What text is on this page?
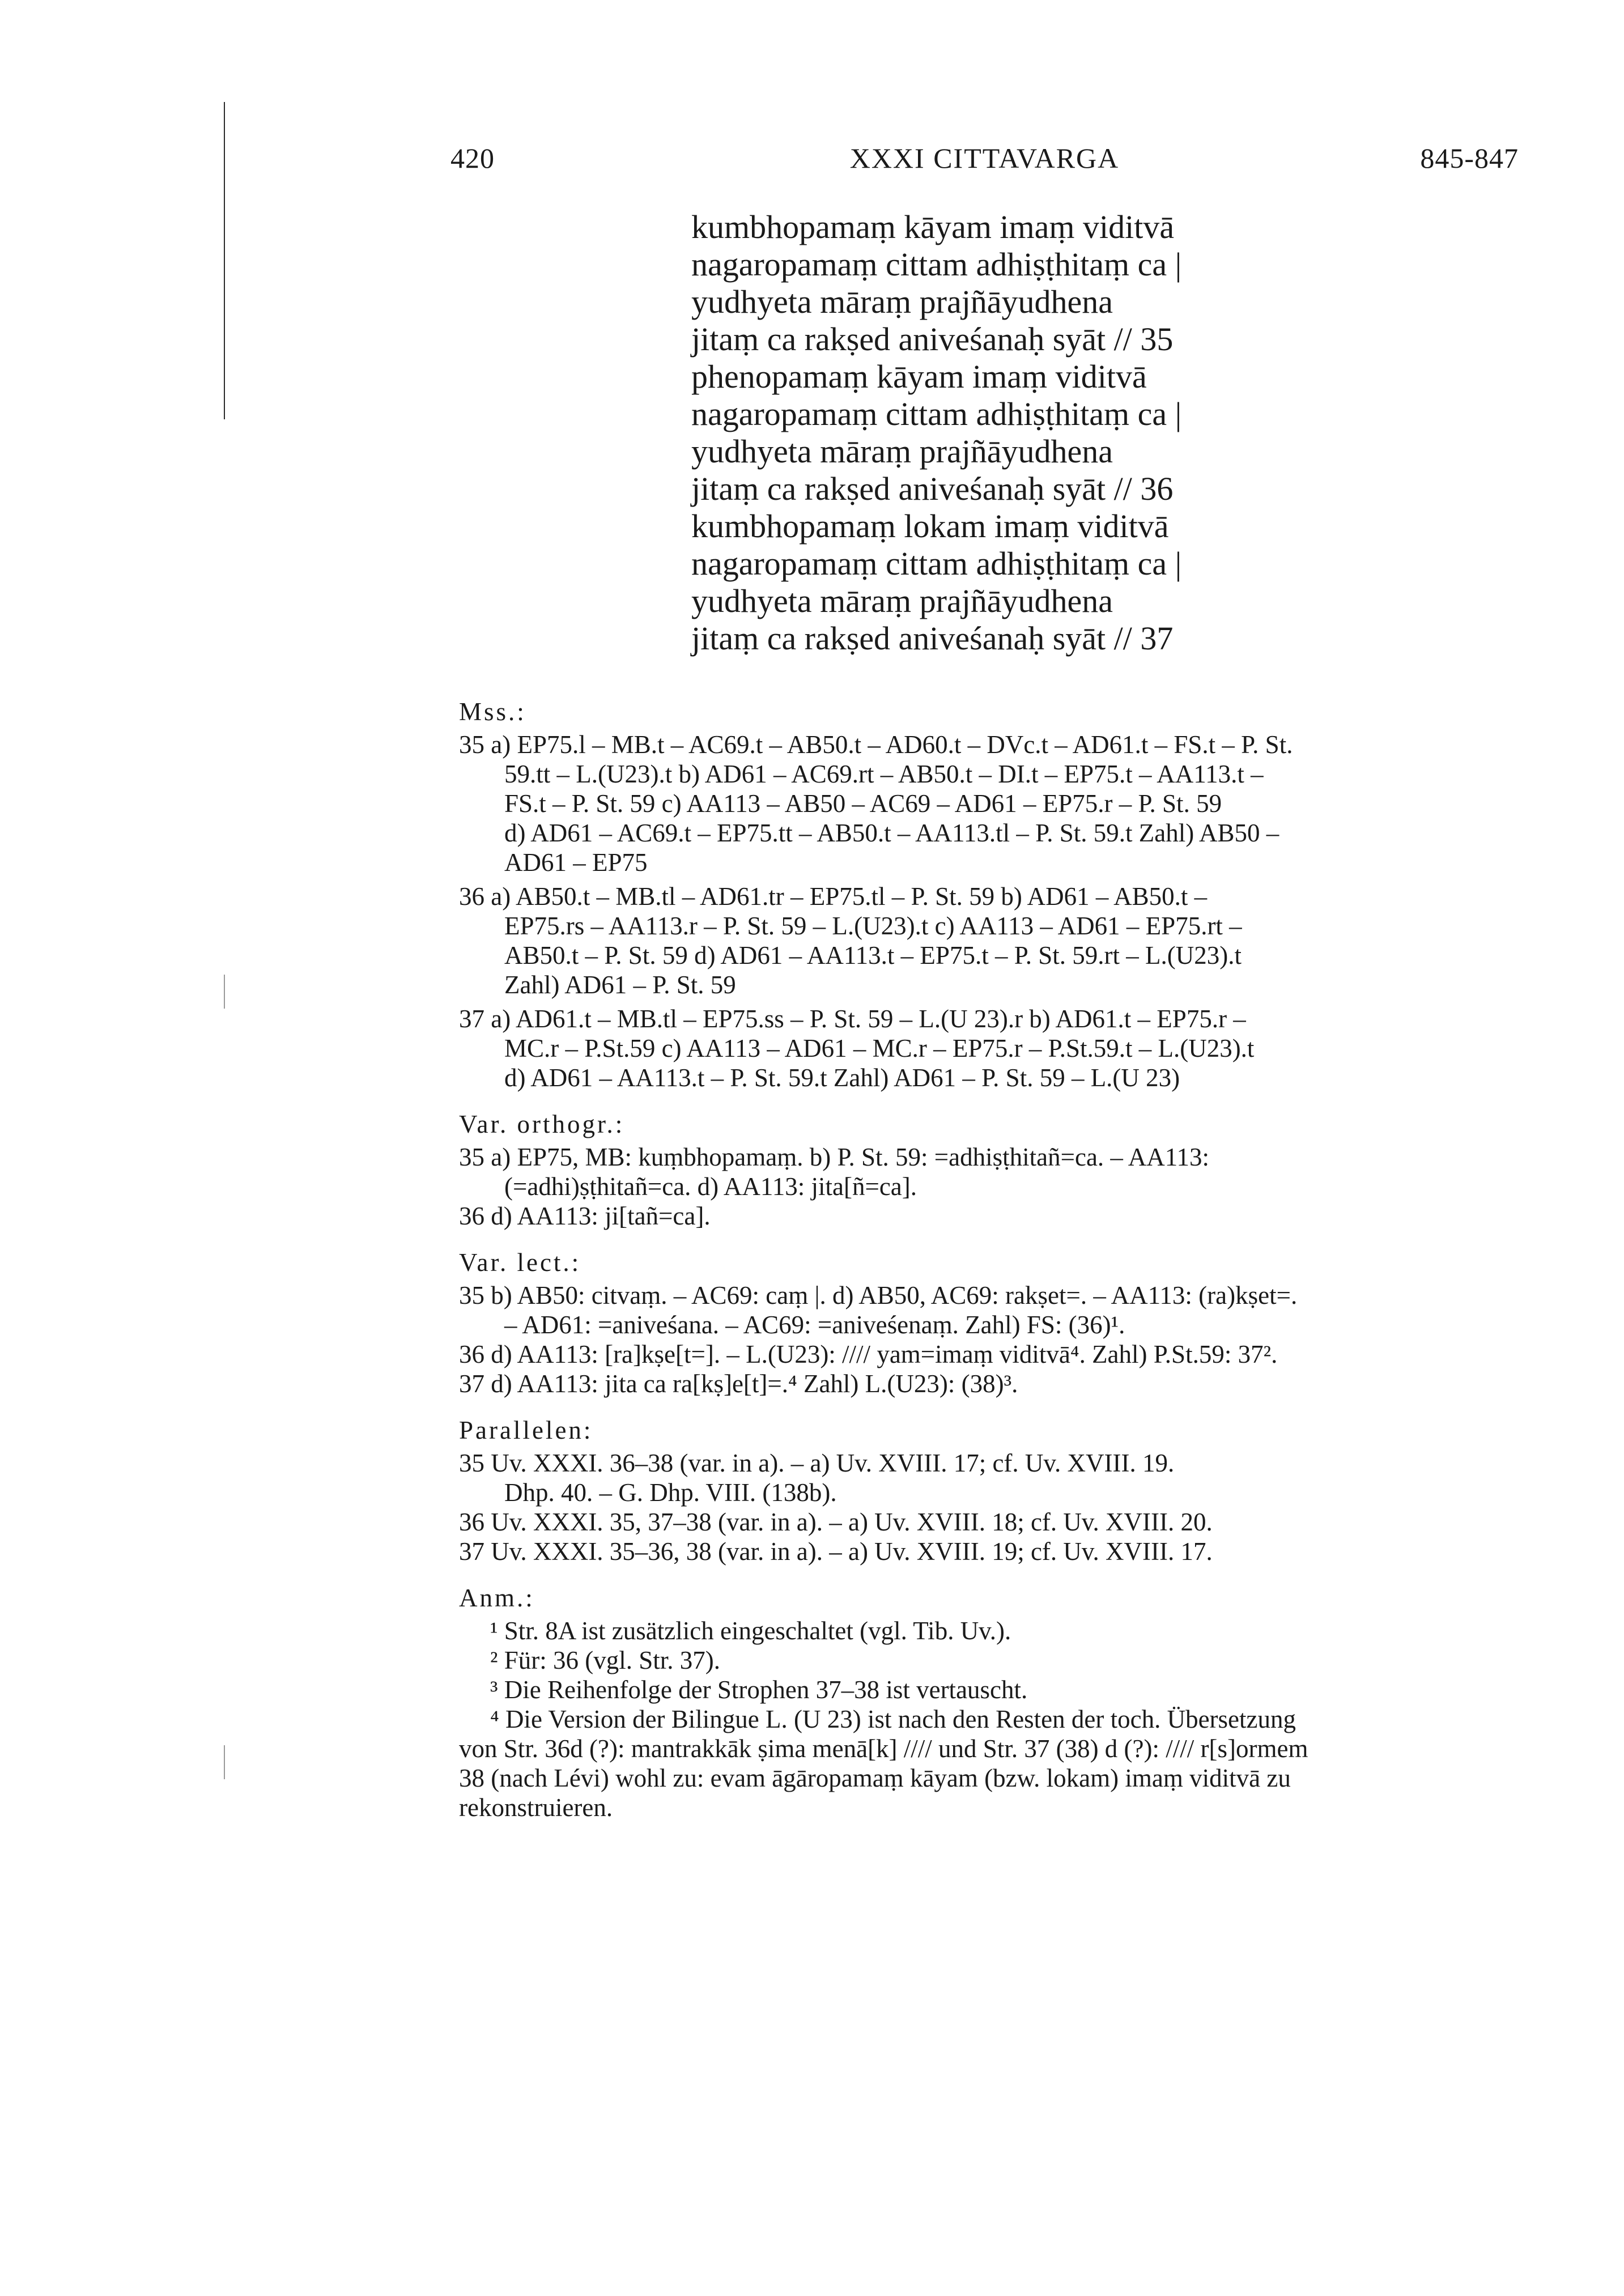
420	XXXI CITTAVARGA	845-847
kumbhopamaṃ kāyam imaṃ viditvā
nagaropamaṃ cittam adhiṣṭhitaṃ ca |
yudhyeta māraṃ prajñāyudhena
jitaṃ ca rakṣed aniveśanaḥ syāt // 35
phenopamaṃ kāyam imaṃ viditvā
nagaropamaṃ cittam adhiṣṭhitaṃ ca |
yudhyeta māraṃ prajñāyudhena
jitaṃ ca rakṣed aniveśanaḥ syāt // 36
kumbhopamaṃ lokam imaṃ viditvā
nagaropamaṃ cittam adhiṣṭhitaṃ ca |
yudhyeta māraṃ prajñāyudhena
jitaṃ ca rakṣed aniveśanaḥ syāt // 37
Mss.:
35 a) EP75.l – MB.t – AC69.t – AB50.t – AD60.t – DVc.t – AD61.t – FS.t – P. St.
59.tt – L.(U23).t b) AD61 – AC69.rt – AB50.t – DI.t – EP75.t – AA113.t –
FS.t – P. St. 59 c) AA113 – AB50 – AC69 – AD61 – EP75.r – P. St. 59
d) AD61 – AC69.t – EP75.tt – AB50.t – AA113.tl – P. St. 59.t Zahl) AB50 –
AD61 – EP75
36 a) AB50.t – MB.tl – AD61.tr – EP75.tl – P. St. 59 b) AD61 – AB50.t –
EP75.rs – AA113.r – P. St. 59 – L.(U23).t c) AA113 – AD61 – EP75.rt –
AB50.t – P. St. 59 d) AD61 – AA113.t – EP75.t – P. St. 59.rt – L.(U23).t
Zahl) AD61 – P. St. 59
37 a) AD61.t – MB.tl – EP75.ss – P. St. 59 – L.(U 23).r b) AD61.t – EP75.r –
MC.r – P.St.59 c) AA113 – AD61 – MC.r – EP75.r – P.St.59.t – L.(U23).t
d) AD61 – AA113.t – P. St. 59.t Zahl) AD61 – P. St. 59 – L.(U 23)
Var. orthogr.:
35 a) EP75, MB: kuṃbhopamaṃ. b) P. St. 59: =adhiṣṭhitañ=ca. – AA113:
(=adhi)ṣṭhitañ=ca. d) AA113: jita[ñ=ca].
36 d) AA113: ji[tañ=ca].
Var. lect.:
35 b) AB50: citvaṃ. – AC69: caṃ |. d) AB50, AC69: rakṣet=. – AA113: (ra)kṣet=.
– AD61: =aniveśana. – AC69: =aniveśenaṃ. Zahl) FS: (36)¹.
36 d) AA113: [ra]kṣe[t=]. – L.(U23): //// yam=imaṃ viditvā⁴. Zahl) P.St.59: 37².
37 d) AA113: jita ca ra[kṣ]e[t]=.⁴ Zahl) L.(U23): (38)³.
Parallelen:
35 Uv. XXXI. 36–38 (var. in a). – a) Uv. XVIII. 17; cf. Uv. XVIII. 19.
Dhp. 40. – G. Dhp. VIII. (138b).
36 Uv. XXXI. 35, 37–38 (var. in a). – a) Uv. XVIII. 18; cf. Uv. XVIII. 20.
37 Uv. XXXI. 35–36, 38 (var. in a). – a) Uv. XVIII. 19; cf. Uv. XVIII. 17.
Anm.:
¹ Str. 8A ist zusätzlich eingeschaltet (vgl. Tib. Uv.).
² Für: 36 (vgl. Str. 37).
³ Die Reihenfolge der Strophen 37–38 ist vertauscht.
⁴ Die Version der Bilingue L. (U 23) ist nach den Resten der toch. Übersetzung
von Str. 36d (?): mantrakkāk ṣima menā[k] //// und Str. 37 (38) d (?): //// r[s]ormem
38 (nach Lévi) wohl zu: evam āgāropamaṃ kāyam (bzw. lokam) imaṃ viditvā zu
rekonstruieren.
